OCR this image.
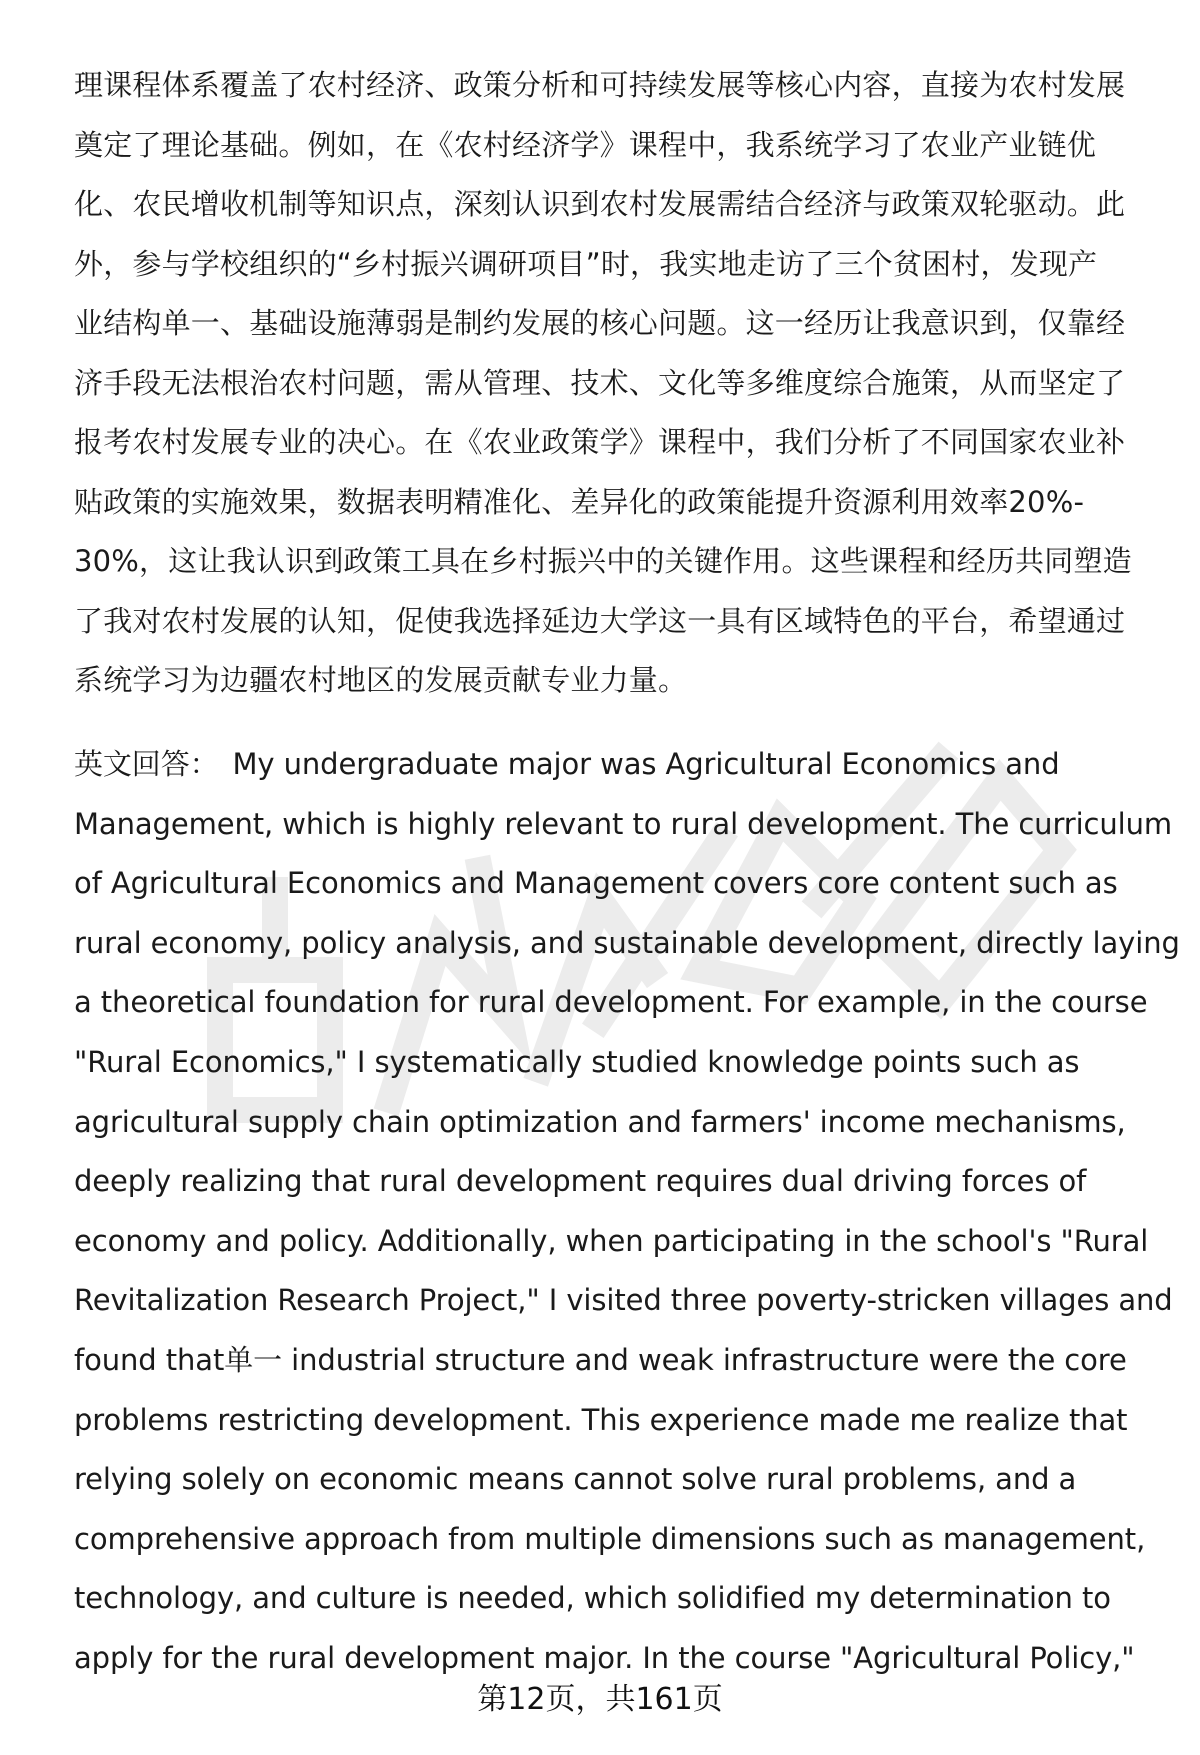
理课程体系覆盖了农村经济、政策分析和可持续发展等核心内容，直接为农村发展
奠定了理论基础。例如，在《农村经济学》课程中，我系统学习了农业产业链优
化、农民增收机制等知识点，深刻认识到农村发展需结合经济与政策双轮驱动。此
外，参与学校组织的“乡村振兴调研项目”时，我实地走访了三个贫困村，发现产
业结构单一、基础设施薄弱是制约发展的核心问题。这一经历让我意识到，仅靠经
济手段无法根治农村问题，需从管理、技术、文化等多维度综合施策，从而坚定了
报考农村发展专业的决心。在《农业政策学》课程中，我们分析了不同国家农业补
贴政策的实施效果，数据表明精准化、差异化的政策能提升资源利用效率20%-
30%，这让我认识到政策工具在乡村振兴中的关键作用。这些课程和经历共同塑造
了我对农村发展的认知，促使我选择延边大学这一具有区域特色的平台，希望通过
系统学习为边疆农村地区的发展贡献专业力量。
英文回答： My undergraduate major was Agricultural Economics and
Management, which is highly relevant to rural development. The curriculum
of Agricultural Economics and Management covers core content such as
rural economy, policy analysis, and sustainable development, directly laying
a theoretical foundation for rural development. For example, in the course
"Rural Economics," I systematically studied knowledge points such as
agricultural supply chain optimization and farmers' income mechanisms,
deeply realizing that rural development requires dual driving forces of
economy and policy. Additionally, when participating in the school's "Rural
Revitalization Research Project," I visited three poverty-stricken villages and
found that单一 industrial structure and weak infrastructure were the core
problems restricting development. This experience made me realize that
relying solely on economic means cannot solve rural problems, and a
comprehensive approach from multiple dimensions such as management,
technology, and culture is needed, which solidified my determination to
apply for the rural development major. In the course "Agricultural Policy,"
第12页，共161页
